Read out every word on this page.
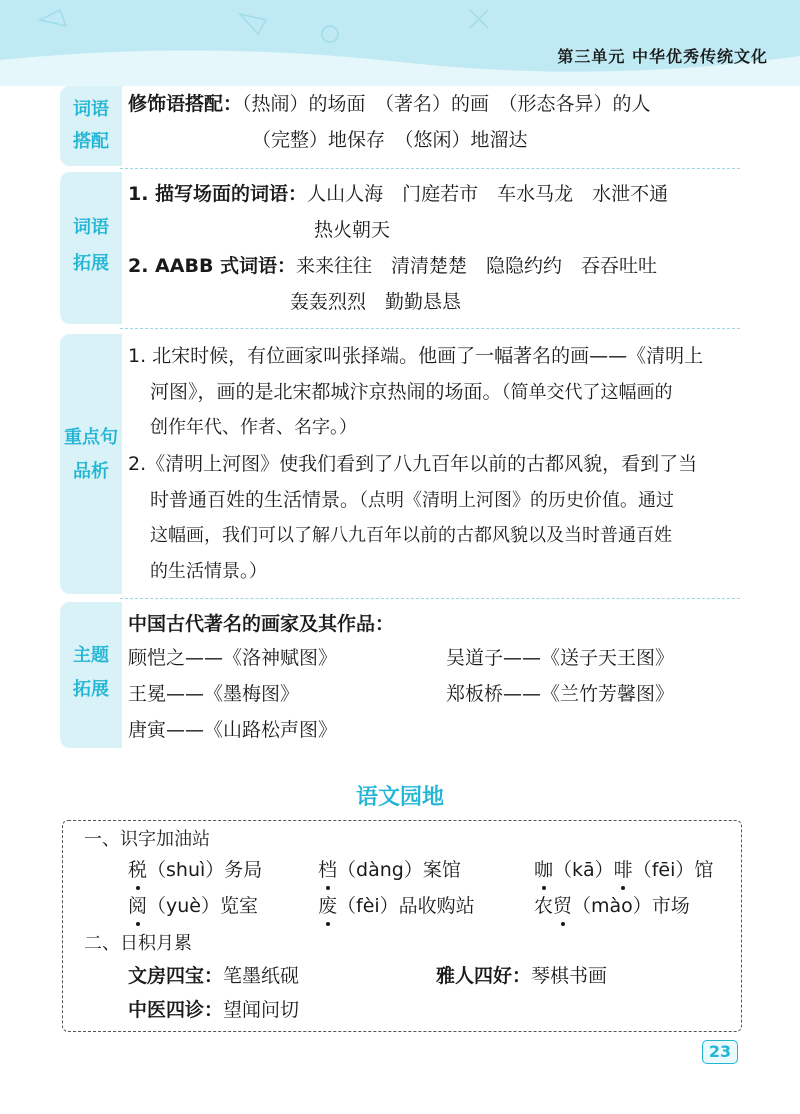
第三单元 中华优秀传统文化
词语
搭配
修饰语搭配：（热闹）的场面　（著名）的画　（形态各异）的人
（完整）地保存　（悠闲）地溜达
词语
拓展
1. 描写场面的词语：人山人海　门庭若市　车水马龙　水泄不通
热火朝天
2. AABB 式词语：来来往往　清清楚楚　隐隐约约　吞吞吐吐
轰轰烈烈　勤勤恳恳
重点句
品析
1. 北宋时候，有位画家叫张择端。他画了一幅著名的画——《清明上
河图》，画的是北宋都城汴京热闹的场面。（简单交代了这幅画的
创作年代、作者、名字。）
2.《清明上河图》使我们看到了八九百年以前的古都风貌，看到了当
时普通百姓的生活情景。（点明《清明上河图》的历史价值。通过
这幅画，我们可以了解八九百年以前的古都风貌以及当时普通百姓
的生活情景。）
主题
拓展
中国古代著名的画家及其作品：
顾恺之——《洛神赋图》	吴道子——《送子天王图》
王冕——《墨梅图》	郑板桥——《兰竹芳馨图》
唐寅——《山路松声图》
语文园地
一、识字加油站
税（shuì）务局	档（dàng）案馆	咖（kā）啡（fēi）馆
阅（yuè）览室	废（fèi）品收购站	农贸（mào）市场
二、日积月累
文房四宝：笔墨纸砚	雅人四好：琴棋书画
中医四诊：望闻问切
23
